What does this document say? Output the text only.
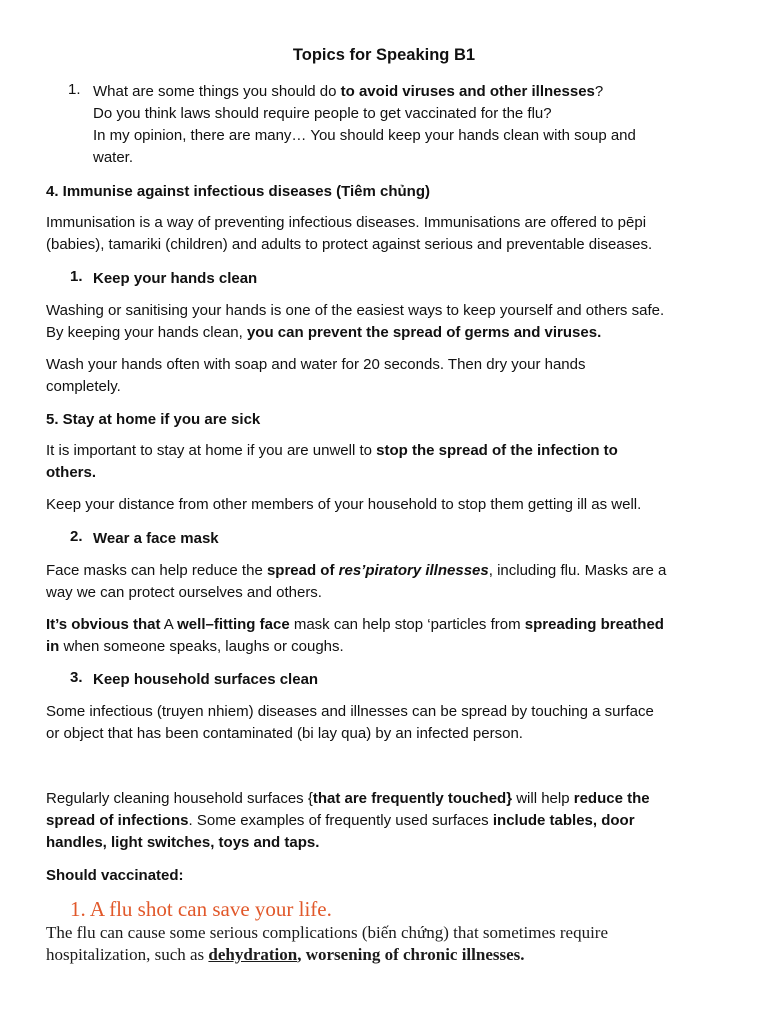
Topics for Speaking B1
1. What are some things you should do to avoid viruses and other illnesses?
Do you think laws should require people to get vaccinated for the flu?
In my opinion, there are many… You should keep your hands clean with soup and
water.
4. Immunise against infectious diseases (Tiêm chủng)
Immunisation is a way of preventing infectious diseases. Immunisations are offered to pēpi
(babies), tamariki (children) and adults to protect against serious and preventable diseases.
1. Keep your hands clean
Washing or sanitising your hands is one of the easiest ways to keep yourself and others safe.
By keeping your hands clean, you can prevent the spread of germs and viruses.
Wash your hands often with soap and water for 20 seconds. Then dry your hands
completely.
5. Stay at home if you are sick
It is important to stay at home if you are unwell to stop the spread of the infection to
others.
Keep your distance from other members of your household to stop them getting ill as well.
2. Wear a face mask
Face masks can help reduce the spread of res’piratory illnesses, including flu. Masks are a
way we can protect ourselves and others.
It’s obvious that A well–fitting face mask can help stop ‘particles from spreading breathed
in when someone speaks, laughs or coughs.
3. Keep household surfaces clean
Some infectious (truyen nhiem) diseases and illnesses can be spread by touching a surface
or object that has been contaminated (bi lay qua) by an infected person.
Regularly cleaning household surfaces {that are frequently touched} will help reduce the
spread of infections. Some examples of frequently used surfaces include tables, door
handles, light switches, toys and taps.
Should vaccinated:
1. A flu shot can save your life.
The flu can cause some serious complications (biến chứng) that sometimes require
hospitalization, such as dehydration, worsening of chronic illnesses.
